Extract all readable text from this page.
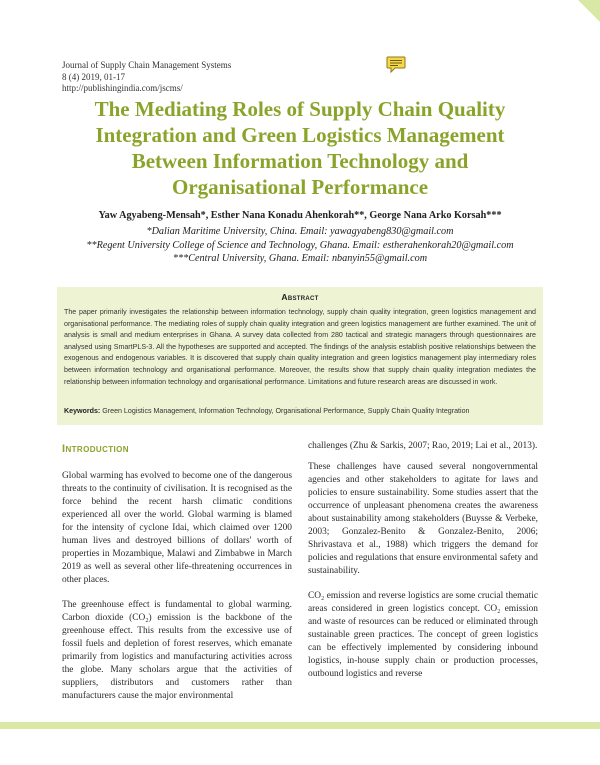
Journal of Supply Chain Management Systems
8 (4) 2019, 01-17
http://publishingindia.com/jscms/
The Mediating Roles of Supply Chain Quality
Integration and Green Logistics Management
Between Information Technology and
Organisational Performance
Yaw Agyabeng-Mensah*, Esther Nana Konadu Ahenkorah**, George Nana Arko Korsah***
*Dalian Maritime University, China. Email: yawagyabeng830@gmail.com
**Regent University College of Science and Technology, Ghana. Email: estherahenkorah20@gmail.com
***Central University, Ghana. Email: nbanyin55@gmail.com
Abstract
The paper primarily investigates the relationship between information technology, supply chain quality integration, green logistics management and organisational performance. The mediating roles of supply chain quality integration and green logistics management are further examined. The unit of analysis is small and medium enterprises in Ghana. A survey data collected from 280 tactical and strategic managers through questionnaires are analysed using SmartPLS-3. All the hypotheses are supported and accepted. The findings of the analysis establish positive relationships between the exogenous and endogenous variables. It is discovered that supply chain quality integration and green logistics management play intermediary roles between information technology and organisational performance. Moreover, the results show that supply chain quality integration mediates the relationship between information technology and organisational performance. Limitations and future research areas are discussed in work.
Keywords: Green Logistics Management, Information Technology, Organisational Performance, Supply Chain Quality Integration
Introduction

Global warming has evolved to become one of the dangerous threats to the continuity of civilisation. It is recognised as the force behind the recent harsh climatic conditions experienced all over the world. Global warming is blamed for the intensity of cyclone Idai, which claimed over 1200 human lives and destroyed billions of dollars' worth of properties in Mozambique, Malawi and Zimbabwe in March 2019 as well as several other life-threatening occurrences in other places.

The greenhouse effect is fundamental to global warming. Carbon dioxide (CO₂) emission is the backbone of the greenhouse effect. This results from the excessive use of fossil fuels and depletion of forest reserves, which emanate primarily from logistics and manufacturing activities across the globe. Many scholars argue that the activities of suppliers, distributors and customers rather than manufacturers cause the major environmental

challenges (Zhu & Sarkis, 2007; Rao, 2019; Lai et al., 2013).

These challenges have caused several nongovernmental agencies and other stakeholders to agitate for laws and policies to ensure sustainability. Some studies assert that the occurrence of unpleasant phenomena creates the awareness about sustainability among stakeholders (Buysse & Verbeke, 2003; Gonzalez-Benito & Gonzalez-Benito, 2006; Shrivastava et al., 1988) which triggers the demand for policies and regulations that ensure environmental safety and sustainability.

CO₂ emission and reverse logistics are some crucial thematic areas considered in green logistics concept. CO₂ emission and waste of resources can be reduced or eliminated through sustainable green practices. The concept of green logistics can be effectively implemented by considering inbound logistics, in-house supply chain or production processes, outbound logistics and reverse
